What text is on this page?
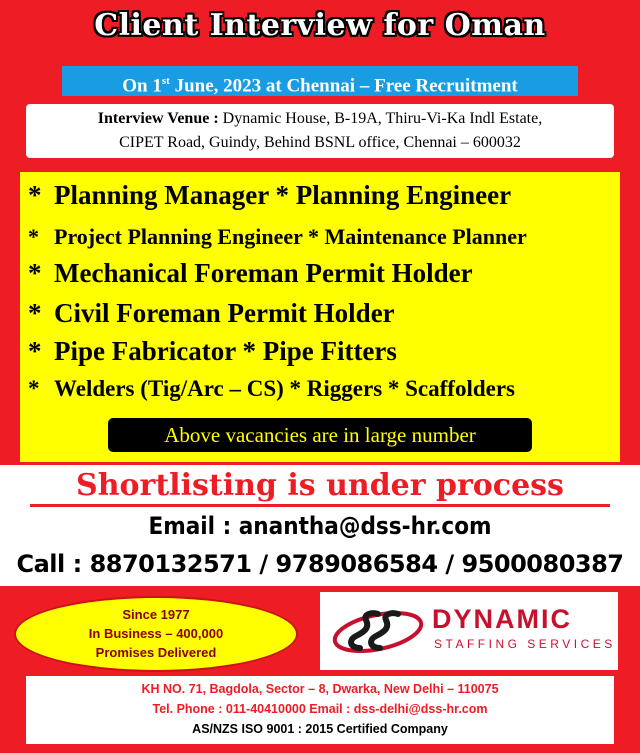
Client Interview for Oman
On 1st June, 2023 at Chennai – Free Recruitment
Interview Venue : Dynamic House, B-19A, Thiru-Vi-Ka Indl Estate,
CIPET Road, Guindy, Behind BSNL office, Chennai – 600032
* Planning Manager * Planning Engineer
* Project Planning Engineer * Maintenance Planner
* Mechanical Foreman Permit Holder
* Civil Foreman Permit Holder
* Pipe Fabricator * Pipe Fitters
* Welders (Tig/Arc – CS) * Riggers * Scaffolders
Above vacancies are in large number
Shortlisting is under process
Email : anantha@dss-hr.com
Call : 8870132571 / 9789086584 / 9500080387
Since 1977
In Business – 400,000
Promises Delivered
DYNAMIC
STAFFING SERVICES
KH NO. 71, Bagdola, Sector – 8, Dwarka, New Delhi – 110075
Tel. Phone : 011-40410000 Email : dss-delhi@dss-hr.com
AS/NZS ISO 9001 : 2015 Certified Company
